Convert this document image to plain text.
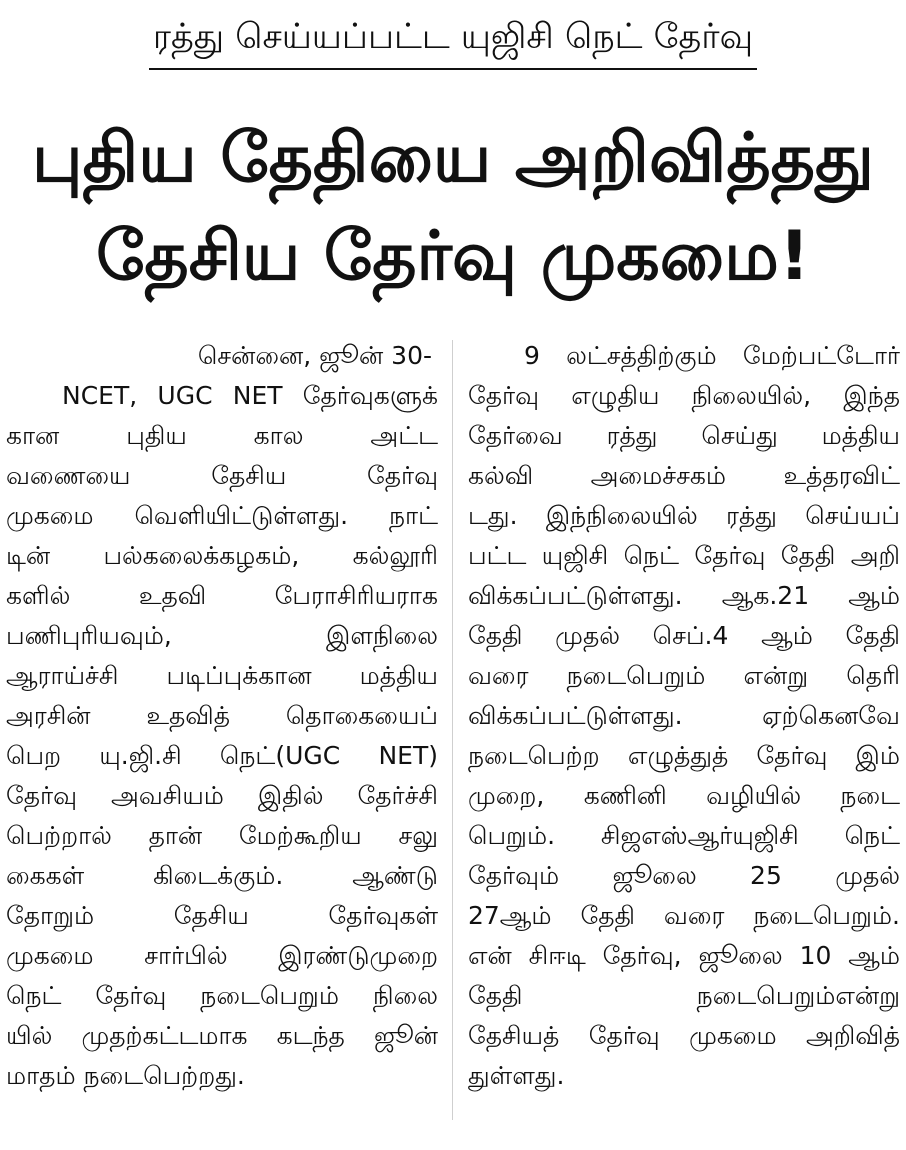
ரத்து செய்யப்பட்ட யுஜிசி நெட் தேர்வு
புதிய தேதியை அறிவித்தது
தேசிய தேர்வு முகமை!
சென்னை, ஜூன் 30-
NCET, UGC NET தேர்வுகளுக்
கான புதிய கால அட்ட
வணையை தேசிய தேர்வு
முகமை வெளியிட்டுள்ளது. நாட்
டின் பல்கலைக்கழகம், கல்லூரி
களில் உதவி பேராசிரியராக
பணிபுரியவும், இளநிலை
ஆராய்ச்சி படிப்புக்கான மத்திய
அரசின் உதவித் தொகையைப்
பெற யு.ஜி.சி நெட்(UGC NET)
தேர்வு அவசியம் இதில் தேர்ச்சி
பெற்றால் தான் மேற்கூறிய சலு
கைகள் கிடைக்கும். ஆண்டு
தோறும் தேசிய தேர்வுகள்
முகமை சார்பில் இரண்டுமுறை
நெட் தேர்வு நடைபெறும் நிலை
யில் முதற்கட்டமாக கடந்த ஜூன்
மாதம் நடைபெற்றது.
9 லட்சத்திற்கும் மேற்பட்டோர்
தேர்வு எழுதிய நிலையில், இந்த
தேர்வை ரத்து செய்து மத்திய
கல்வி அமைச்சகம் உத்தரவிட்
டது. இந்நிலையில் ரத்து செய்யப்
பட்ட யுஜிசி நெட் தேர்வு தேதி அறி
விக்கப்பட்டுள்ளது. ஆக.21 ஆம்
தேதி முதல் செப்.4 ஆம் தேதி
வரை நடைபெறும் என்று தெரி
விக்கப்பட்டுள்ளது. ஏற்கெனவே
நடைபெற்ற எழுத்துத் தேர்வு இம்
முறை, கணினி வழியில் நடை
பெறும். சிஜஎஸ்ஆர்யுஜிசி நெட்
தேர்வும் ஜூலை 25 முதல்
27ஆம் தேதி வரை நடைபெறும்.
என் சிஈடி தேர்வு, ஜூலை 10 ஆம்
தேதி நடைபெறும்என்று
தேசியத் தேர்வு முகமை அறிவித்
துள்ளது.
